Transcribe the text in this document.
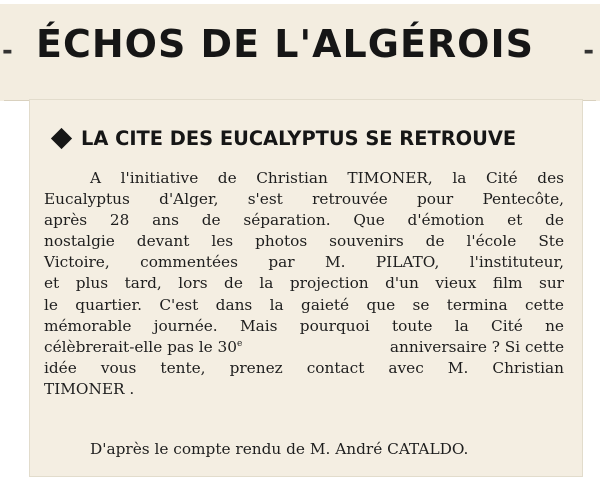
- ÉCHOS DE L'ALGÉROIS -
LA CITE DES EUCALYPTUS SE RETROUVE
A l'initiative de Christian TIMONER, la Cité des
Eucalyptus d'Alger, s'est retrouvée pour Pentecôte,
après 28 ans de séparation. Que d'émotion et de
nostalgie devant les photos souvenirs de l'école Ste
Victoire, commentées par M. PILATO, l'instituteur,
et plus tard, lors de la projection d'un vieux film sur
le quartier. C'est dans la gaieté que se termina cette
mémorable journée. Mais pourquoi toute la Cité ne
célèbrerait-elle pas le 30e	anniversaire ? Si cette
idée vous tente, prenez contact avec M. Christian
TIMONER .
D'après le compte rendu de M. André CATALDO.
